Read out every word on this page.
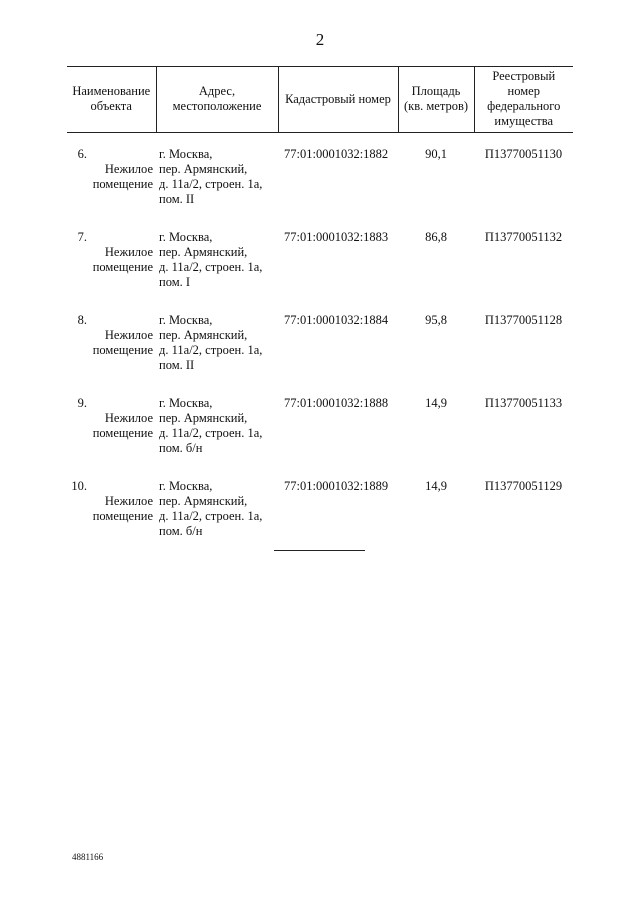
2
Наименование объекта	Адрес, местоположение	Кадастровый номер	Площадь (кв. метров)	Реестровый номер федерального имущества
6.Нежилое помещение	г. Москва,
пер. Армянский,
д. 11а/2, строен. 1а,
пом. II	77:01:0001032:1882	90,1	П13770051130
7.Нежилое помещение	г. Москва,
пер. Армянский,
д. 11а/2, строен. 1а,
пом. I	77:01:0001032:1883	86,8	П13770051132
8.Нежилое помещение	г. Москва,
пер. Армянский,
д. 11а/2, строен. 1а,
пом. II	77:01:0001032:1884	95,8	П13770051128
9.Нежилое помещение	г. Москва,
пер. Армянский,
д. 11а/2, строен. 1а,
пом. б/н	77:01:0001032:1888	14,9	П13770051133
10.Нежилое помещение	г. Москва,
пер. Армянский,
д. 11а/2, строен. 1а,
пом. б/н	77:01:0001032:1889	14,9	П13770051129
4881166
